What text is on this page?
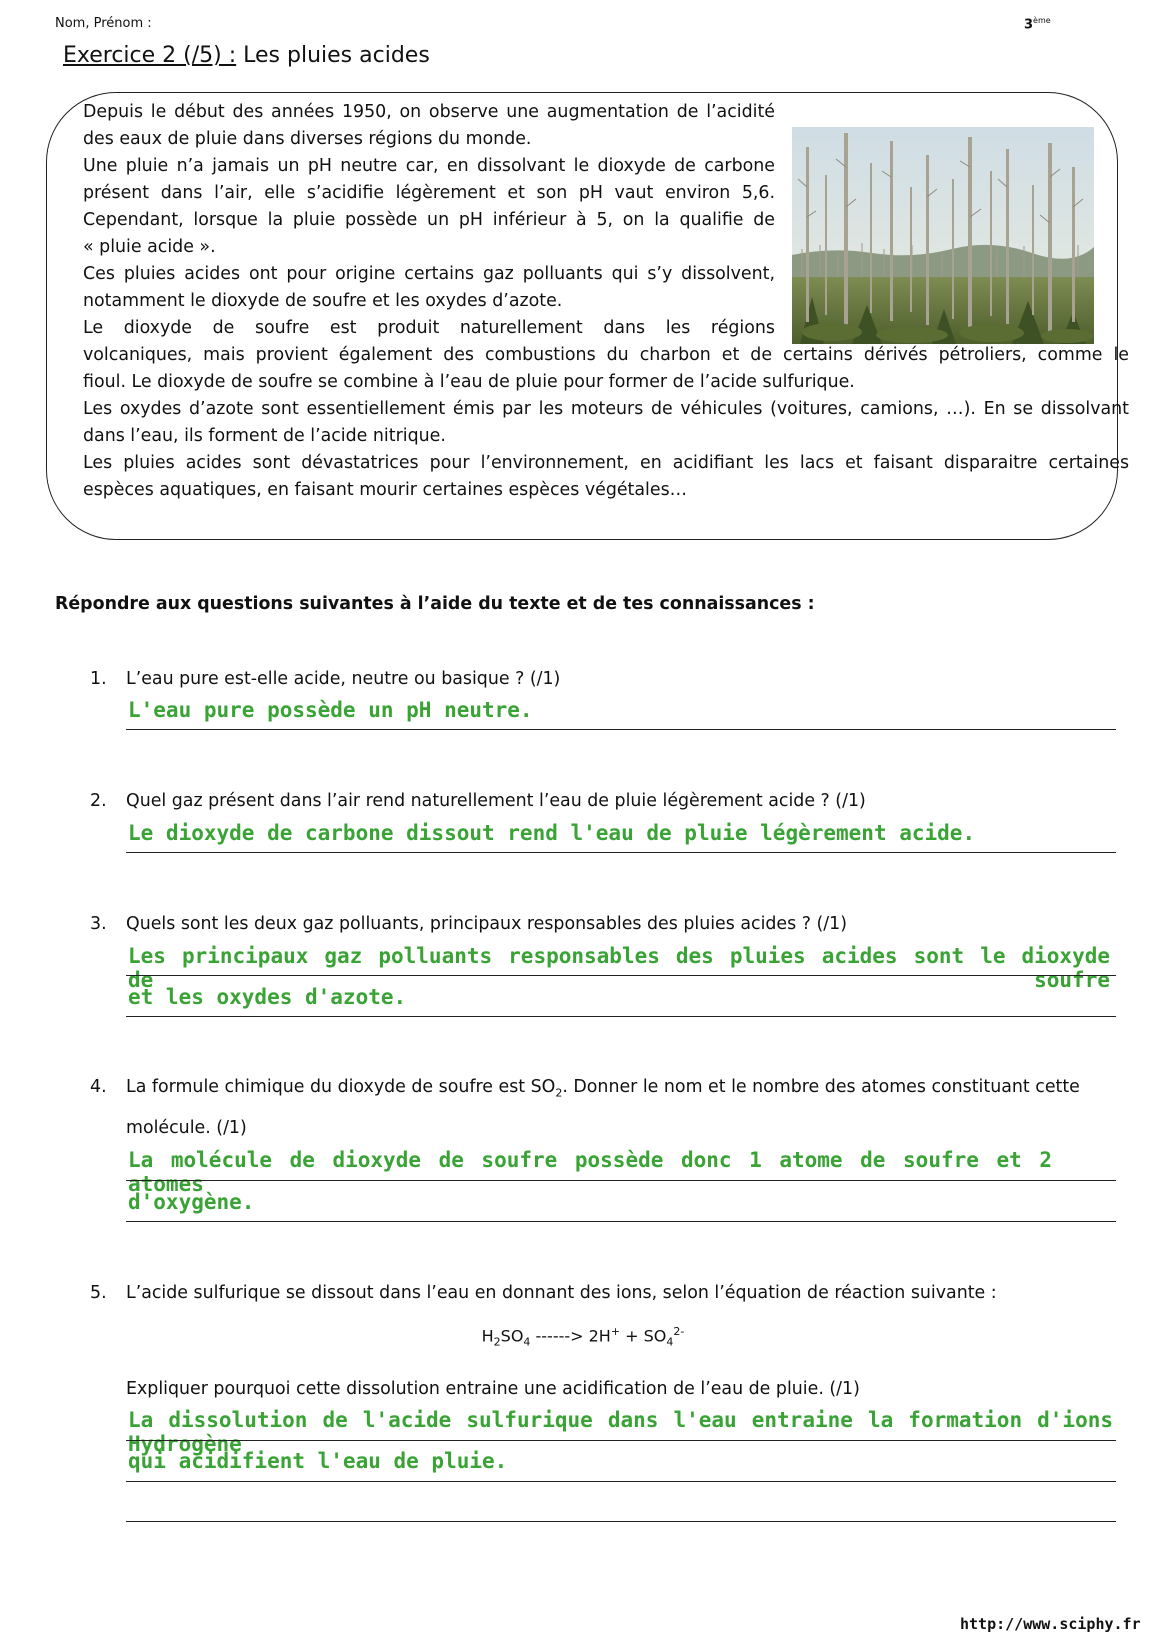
Nom, Prénom :	3ème
Exercice 2 (/5) : Les pluies acides
Depuis le début des années 1950, on observe une augmentation de l’acidité
des eaux de pluie dans diverses régions du monde.
Une pluie n’a jamais un pH neutre car, en dissolvant le dioxyde de carbone
présent dans l’air, elle s’acidifie légèrement et son pH vaut environ 5,6.
Cependant, lorsque la pluie possède un pH inférieur à 5, on la qualifie de
« pluie acide ».
Ces pluies acides ont pour origine certains gaz polluants qui s’y dissolvent,
notamment le dioxyde de soufre et les oxydes d’azote.
Le dioxyde de soufre est produit naturellement dans les régions
volcaniques, mais provient également des combustions du charbon et de certains dérivés pétroliers, comme le
fioul. Le dioxyde de soufre se combine à l’eau de pluie pour former de l’acide sulfurique.
Les oxydes d’azote sont essentiellement émis par les moteurs de véhicules (voitures, camions, …). En se dissolvant
dans l’eau, ils forment de l’acide nitrique.
Les pluies acides sont dévastatrices pour l’environnement, en acidifiant les lacs et faisant disparaitre certaines
espèces aquatiques, en faisant mourir certaines espèces végétales…
Répondre aux questions suivantes à l’aide du texte et de tes connaissances :
1. L’eau pure est-elle acide, neutre ou basique ? (/1)
L'eau pure possède un pH neutre.
2. Quel gaz présent dans l’air rend naturellement l’eau de pluie légèrement acide ? (/1)
Le dioxyde de carbone dissout rend l'eau de pluie légèrement acide.
3. Quels sont les deux gaz polluants, principaux responsables des pluies acides ? (/1)
Les principaux gaz polluants responsables des pluies acides sont le dioxyde de soufre
et les oxydes d'azote.
4. La formule chimique du dioxyde de soufre est $SO_2$. Donner le nom et le nombre des atomes constituant cette
molécule. (/1)
La molécule de dioxyde de soufre possède donc 1 atome de soufre et 2 atomes
d'oxygène.
5. L’acide sulfurique se dissout dans l’eau en donnant des ions, selon l’équation de réaction suivante :
$H_2SO_4$ ------> $2H^+ + SO_4^{2-}$
Expliquer pourquoi cette dissolution entraine une acidification de l’eau de pluie. (/1)
La dissolution de l'acide sulfurique dans l'eau entraine la formation d'ions Hydrogène
qui acidifient l'eau de pluie.
http://www.sciphy.fr
